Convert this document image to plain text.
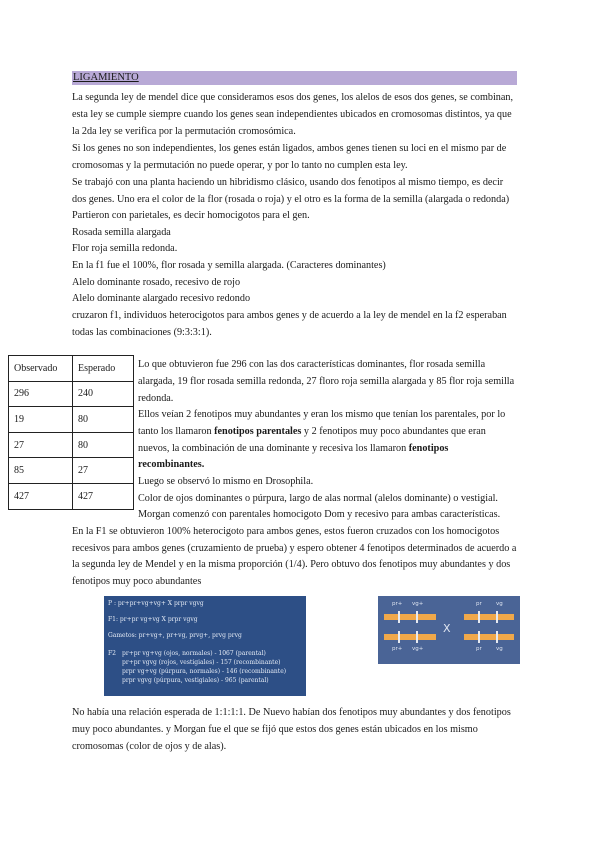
LIGAMIENTO
La segunda ley de mendel dice que consideramos esos dos genes, los alelos de esos dos genes, se combinan,
esta ley se cumple siempre cuando los genes sean independientes ubicados en cromosomas distintos, ya que
la 2da ley se verifica por la permutación cromosómica.
Si los genes no son independientes, los genes están ligados, ambos genes tienen su loci en el mismo par de
cromosomas y la permutación no puede operar, y por lo tanto no cumplen esta ley.
Se trabajó con una planta haciendo un hibridismo clásico, usando dos fenotipos al mismo tiempo, es decir
dos genes. Uno era el color de la flor (rosada o roja) y el otro es la forma de la semilla (alargada o redonda)
Partieron con parietales, es decir homocigotos para el gen.
Rosada semilla alargada
Flor roja semilla redonda.
En la f1 fue el 100%, flor rosada y semilla alargada. (Caracteres dominantes)
Alelo dominante rosado, recesivo de rojo
Alelo dominante alargado recesivo redondo
cruzaron f1, individuos heterocigotos para ambos genes y de acuerdo a la ley de mendel en la f2 esperaban
todas las combinaciones (9:3:3:1).
Observado	Esperado
296	240
19	80
27	80
85	27
427	427
Lo que obtuvieron fue 296 con las dos características dominantes, flor rosada semilla
alargada, 19 flor rosada semilla redonda, 27 floro roja semilla alargada y 85 flor roja semilla
redonda.
Ellos veían 2 fenotipos muy abundantes y eran los mismo que tenían los parentales, por lo
tanto los llamaron fenotipos parentales y 2 fenotipos muy poco abundantes que eran
nuevos, la combinación de una dominante y recesiva los llamaron fenotipos
recombinantes.
Luego se observó lo mismo en Drosophila.
Color de ojos dominantes o púrpura, largo de alas normal (alelos dominante) o vestigial.
Morgan comenzó con parentales homocigoto Dom y recesivo para ambas características.
En la F1 se obtuvieron 100% heterocigoto para ambos genes, estos fueron cruzados con los homocigotos
recesivos para ambos genes (cruzamiento de prueba) y espero obtener 4 fenotipos determinados de acuerdo a
la segunda ley de Mendel y en la misma proporción (1/4). Pero obtuvo dos fenotipos muy abundantes y dos
fenotipos muy poco abundantes
P : pr+pr+vg+vg+ X prpr vgvg
F1: pr+pr vg+vg X prpr vgvg
Gametos: pr+vg+, pr+vg, prvg+, prvg prvg
F2 pr+pr vg+vg (ojos, normales) - 1067 (parental)
pr+pr vgvg (rojos, vestigiales) - 157 (recombinante)
prpr vg+vg (púrpura, normales) - 146 (recombinante)
prpr vgvg (púrpura, vestigiales) - 965 (parental)
pr+ vg+
pr+ vg+
X
pr	vg
pr	vg
No había una relación esperada de 1:1:1:1. De Nuevo habían dos fenotipos muy abundantes y dos fenotipos
muy poco abundantes. y Morgan fue el que se fijó que estos dos genes están ubicados en los mismo
cromosomas (color de ojos y de alas).
